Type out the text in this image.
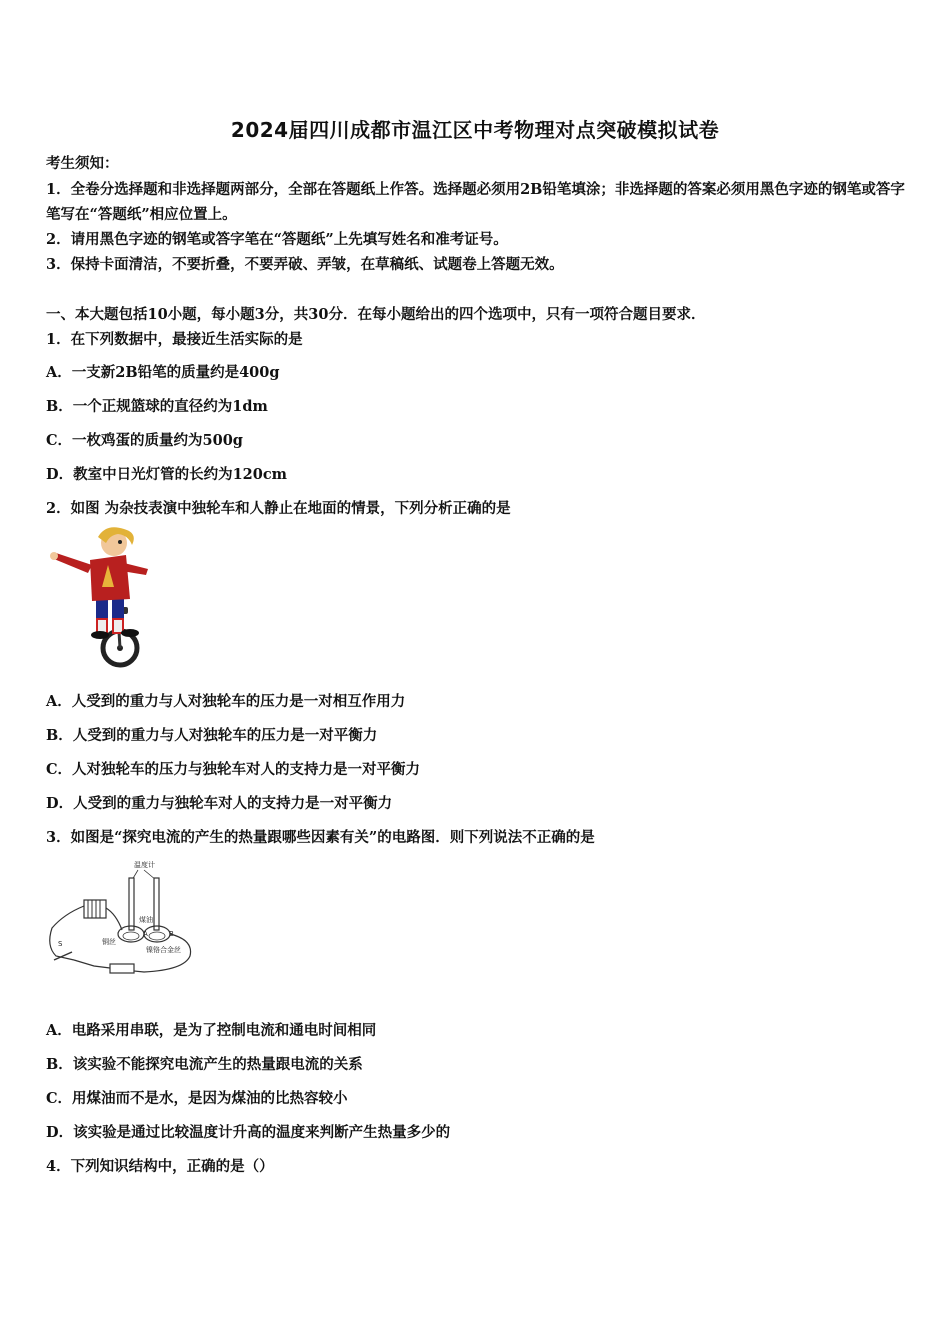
2024届四川成都市温江区中考物理对点突破模拟试卷
考生须知：
1．全卷分选择题和非选择题两部分，全部在答题纸上作答。选择题必须用2B铅笔填涂；非选择题的答案必须用黑色字迹的钢笔或答字笔写在“答题纸”相应位置上。
2．请用黑色字迹的钢笔或答字笔在“答题纸”上先填写姓名和准考证号。
3．保持卡面清洁，不要折叠，不要弄破、弄皱，在草稿纸、试题卷上答题无效。
一、本大题包括10小题，每小题3分，共30分．在每小题给出的四个选项中，只有一项符合题目要求．
1．在下列数据中，最接近生活实际的是
A．一支新2B铅笔的质量约是400g
B．一个正规篮球的直径约为1dm
C．一枚鸡蛋的质量约为500g
D．教室中日光灯管的长约为120cm
2．如图 为杂技表演中独轮车和人静止在地面的情景，下列分析正确的是
A．人受到的重力与人对独轮车的压力是一对相互作用力
B．人受到的重力与人对独轮车的压力是一对平衡力
C．人对独轮车的压力与独轮车对人的支持力是一对平衡力
D．人受到的重力与独轮车对人的支持力是一对平衡力
3．如图是“探究电流的产生的热量跟哪些因素有关”的电路图．则下列说法不正确的是
温度计
煤油
A	B
铜丝
镍铬合金丝
S
A．电路采用串联，是为了控制电流和通电时间相同
B．该实验不能探究电流产生的热量跟电流的关系
C．用煤油而不是水，是因为煤油的比热容较小
D．该实验是通过比较温度计升高的温度来判断产生热量多少的
4．下列知识结构中，正确的是（）
